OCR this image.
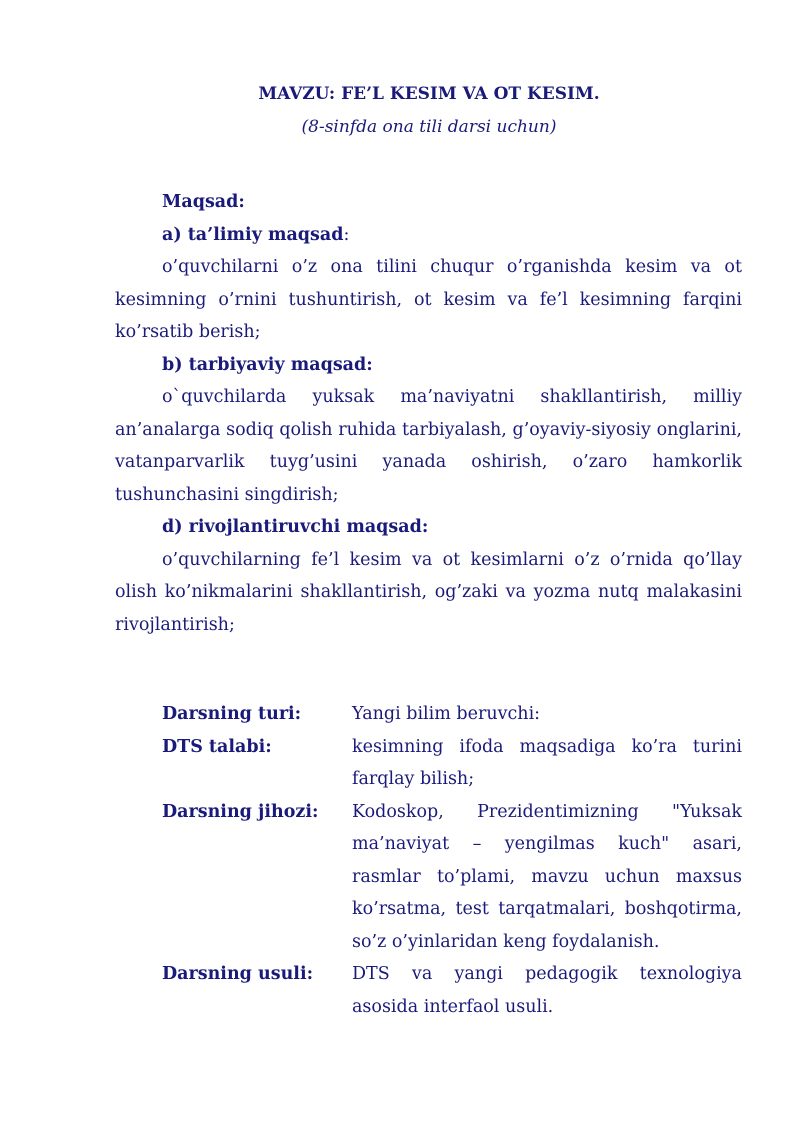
MAVZU: FE’L KESIM VA OT KESIM.
(8-sinfda ona tili darsi uchun)

Maqsad:

a) ta’limiy maqsad:

o’quvchilarni o’z ona tilini chuqur o’rganishda kesim va ot kesimning o’rnini tushuntirish, ot kesim va fe’l kesimning farqini ko’rsatib berish;

b) tarbiyaviy maqsad:

o`quvchilarda yuksak ma’naviyatni shakllantirish, milliy an’analarga sodiq qolish ruhida tarbiyalash, g’oyaviy-siyosiy onglarini, vatanparvarlik tuyg’usini yanada oshirish, o’zaro hamkorlik tushunchasini singdirish;

d) rivojlantiruvchi maqsad:

o’quvchilarning fe’l kesim va ot kesimlarni o’z o’rnida qo’llay olish ko’nikmalarini shakllantirish, og’zaki va yozma nutq malakasini rivojlantirish;

Darsning turi:	Yangi bilim beruvchi:
DTS talabi:	kesimning ifoda maqsadiga ko’ra turini farqlay bilish;
Darsning jihozi:	Kodoskop, Prezidentimizning "Yuksak ma’naviyat – yengilmas kuch" asari, rasmlar to’plami, mavzu uchun maxsus ko’rsatma, test tarqatmalari, boshqotirma, so’z o’yinlaridan keng foydalanish.
Darsning usuli:	DTS va yangi pedagogik texnologiya asosida interfaol usuli.
